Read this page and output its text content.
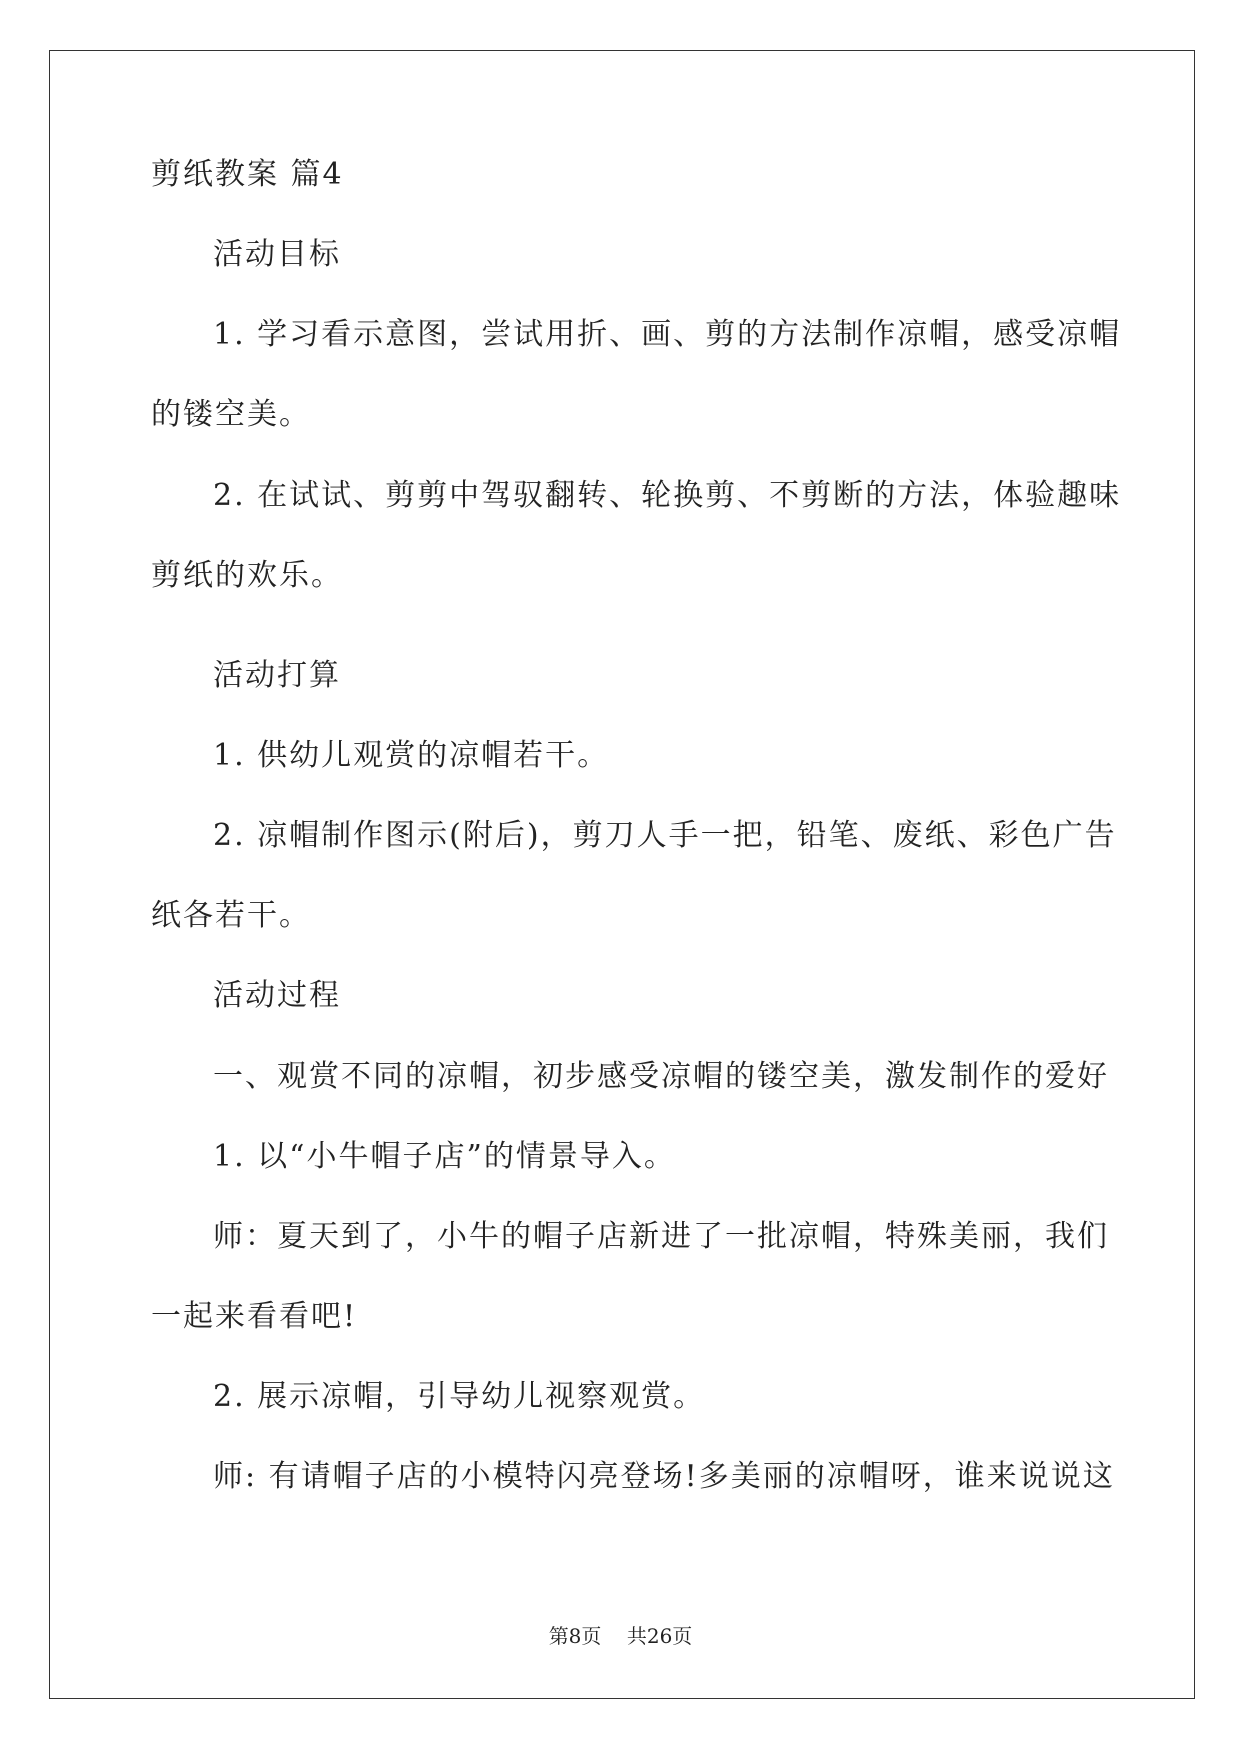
剪纸教案 篇4
活动目标
1. 学习看示意图，尝试用折、画、剪的方法制作凉帽，感受凉帽
的镂空美。
2. 在试试、剪剪中驾驭翻转、轮换剪、不剪断的方法，体验趣味
剪纸的欢乐。
活动打算
1. 供幼儿观赏的凉帽若干。
2. 凉帽制作图示(附后)，剪刀人手一把，铅笔、废纸、彩色广告
纸各若干。
活动过程
一、观赏不同的凉帽，初步感受凉帽的镂空美，激发制作的爱好
1. 以“小牛帽子店”的情景导入。
师：夏天到了，小牛的帽子店新进了一批凉帽，特殊美丽，我们
一起来看看吧!
2. 展示凉帽，引导幼儿视察观赏。
师: 有请帽子店的小模特闪亮登场!多美丽的凉帽呀，谁来说说这
第8页 共26页
